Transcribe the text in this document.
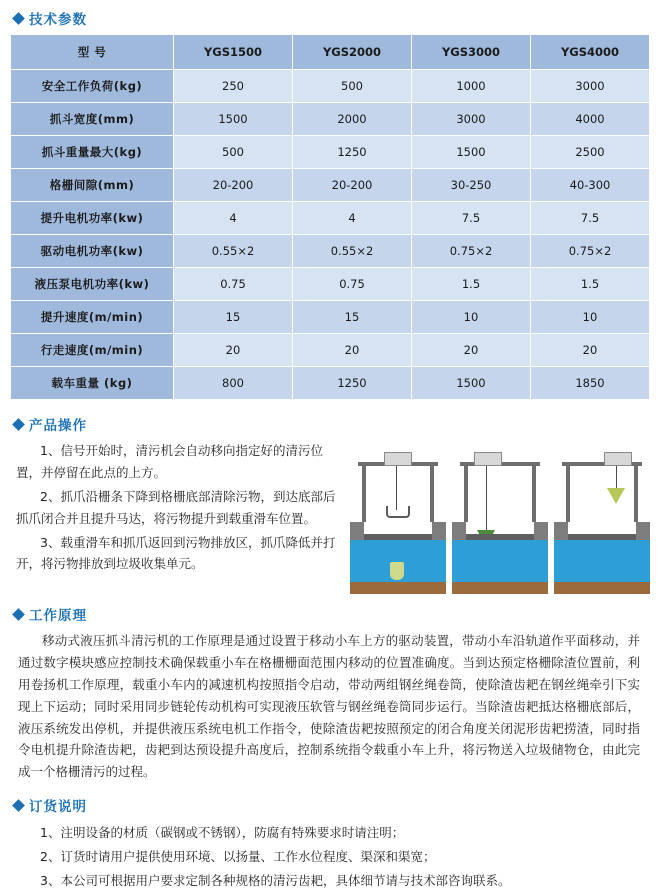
技术参数
型 号	YGS1500	YGS2000	YGS3000	YGS4000
安全工作负荷(kg)	250	500	1000	3000
抓斗宽度(mm)	1500	2000	3000	4000
抓斗重量最大(kg)	500	1250	1500	2500
格栅间隙(mm)	20-200	20-200	30-250	40-300
提升电机功率(kw)	4	4	7.5	7.5
驱动电机功率(kw)	0.55×2	0.55×2	0.75×2	0.75×2
液压泵电机功率(kw)	0.75	0.75	1.5	1.5
提升速度(m/min)	15	15	10	10
行走速度(m/min)	20	20	20	20
载车重量 (kg)	800	1250	1500	1850
产品操作

1、信号开始时，清污机会自动移向指定好的清污位置，并停留在此点的上方。

2、抓爪沿栅条下降到格栅底部清除污物，到达底部后抓爪闭合并且提升马达，将污物提升到载重滑车位置。

3、载重滑车和抓爪返回到污物排放区，抓爪降低并打开，将污物排放到垃圾收集单元。

工作原理

移动式液压抓斗清污机的工作原理是通过设置于移动小车上方的驱动装置，带动小车沿轨道作平面移动，并通过数字模块感应控制技术确保载重小车在格栅栅面范围内移动的位置准确度。当到达预定格栅除渣位置前，利用卷扬机工作原理，载重小车内的减速机构按照指令启动，带动两组钢丝绳卷筒，使除渣齿耙在钢丝绳牵引下实现上下运动；同时采用同步链轮传动机构可实现液压软管与钢丝绳卷筒同步运行。当除渣齿耙抵达格栅底部后，液压系统发出停机，并提供液压系统电机工作指令，使除渣齿耙按照预定的闭合角度关闭泥形齿耙捞渣，同时指令电机提升除渣齿耙，齿耙到达预设提升高度后，控制系统指令载重小车上升，将污物送入垃圾储物仓，由此完成一个格栅清污的过程。

订货说明
1、注明设备的材质（碳钢或不锈钢），防腐有特殊要求时请注明；
2、订货时请用户提供使用环境、以扬量、工作水位程度、渠深和渠宽；
3、本公司可根据用户要求定制各种规格的清污齿耙，具体细节请与技术部咨询联系。
